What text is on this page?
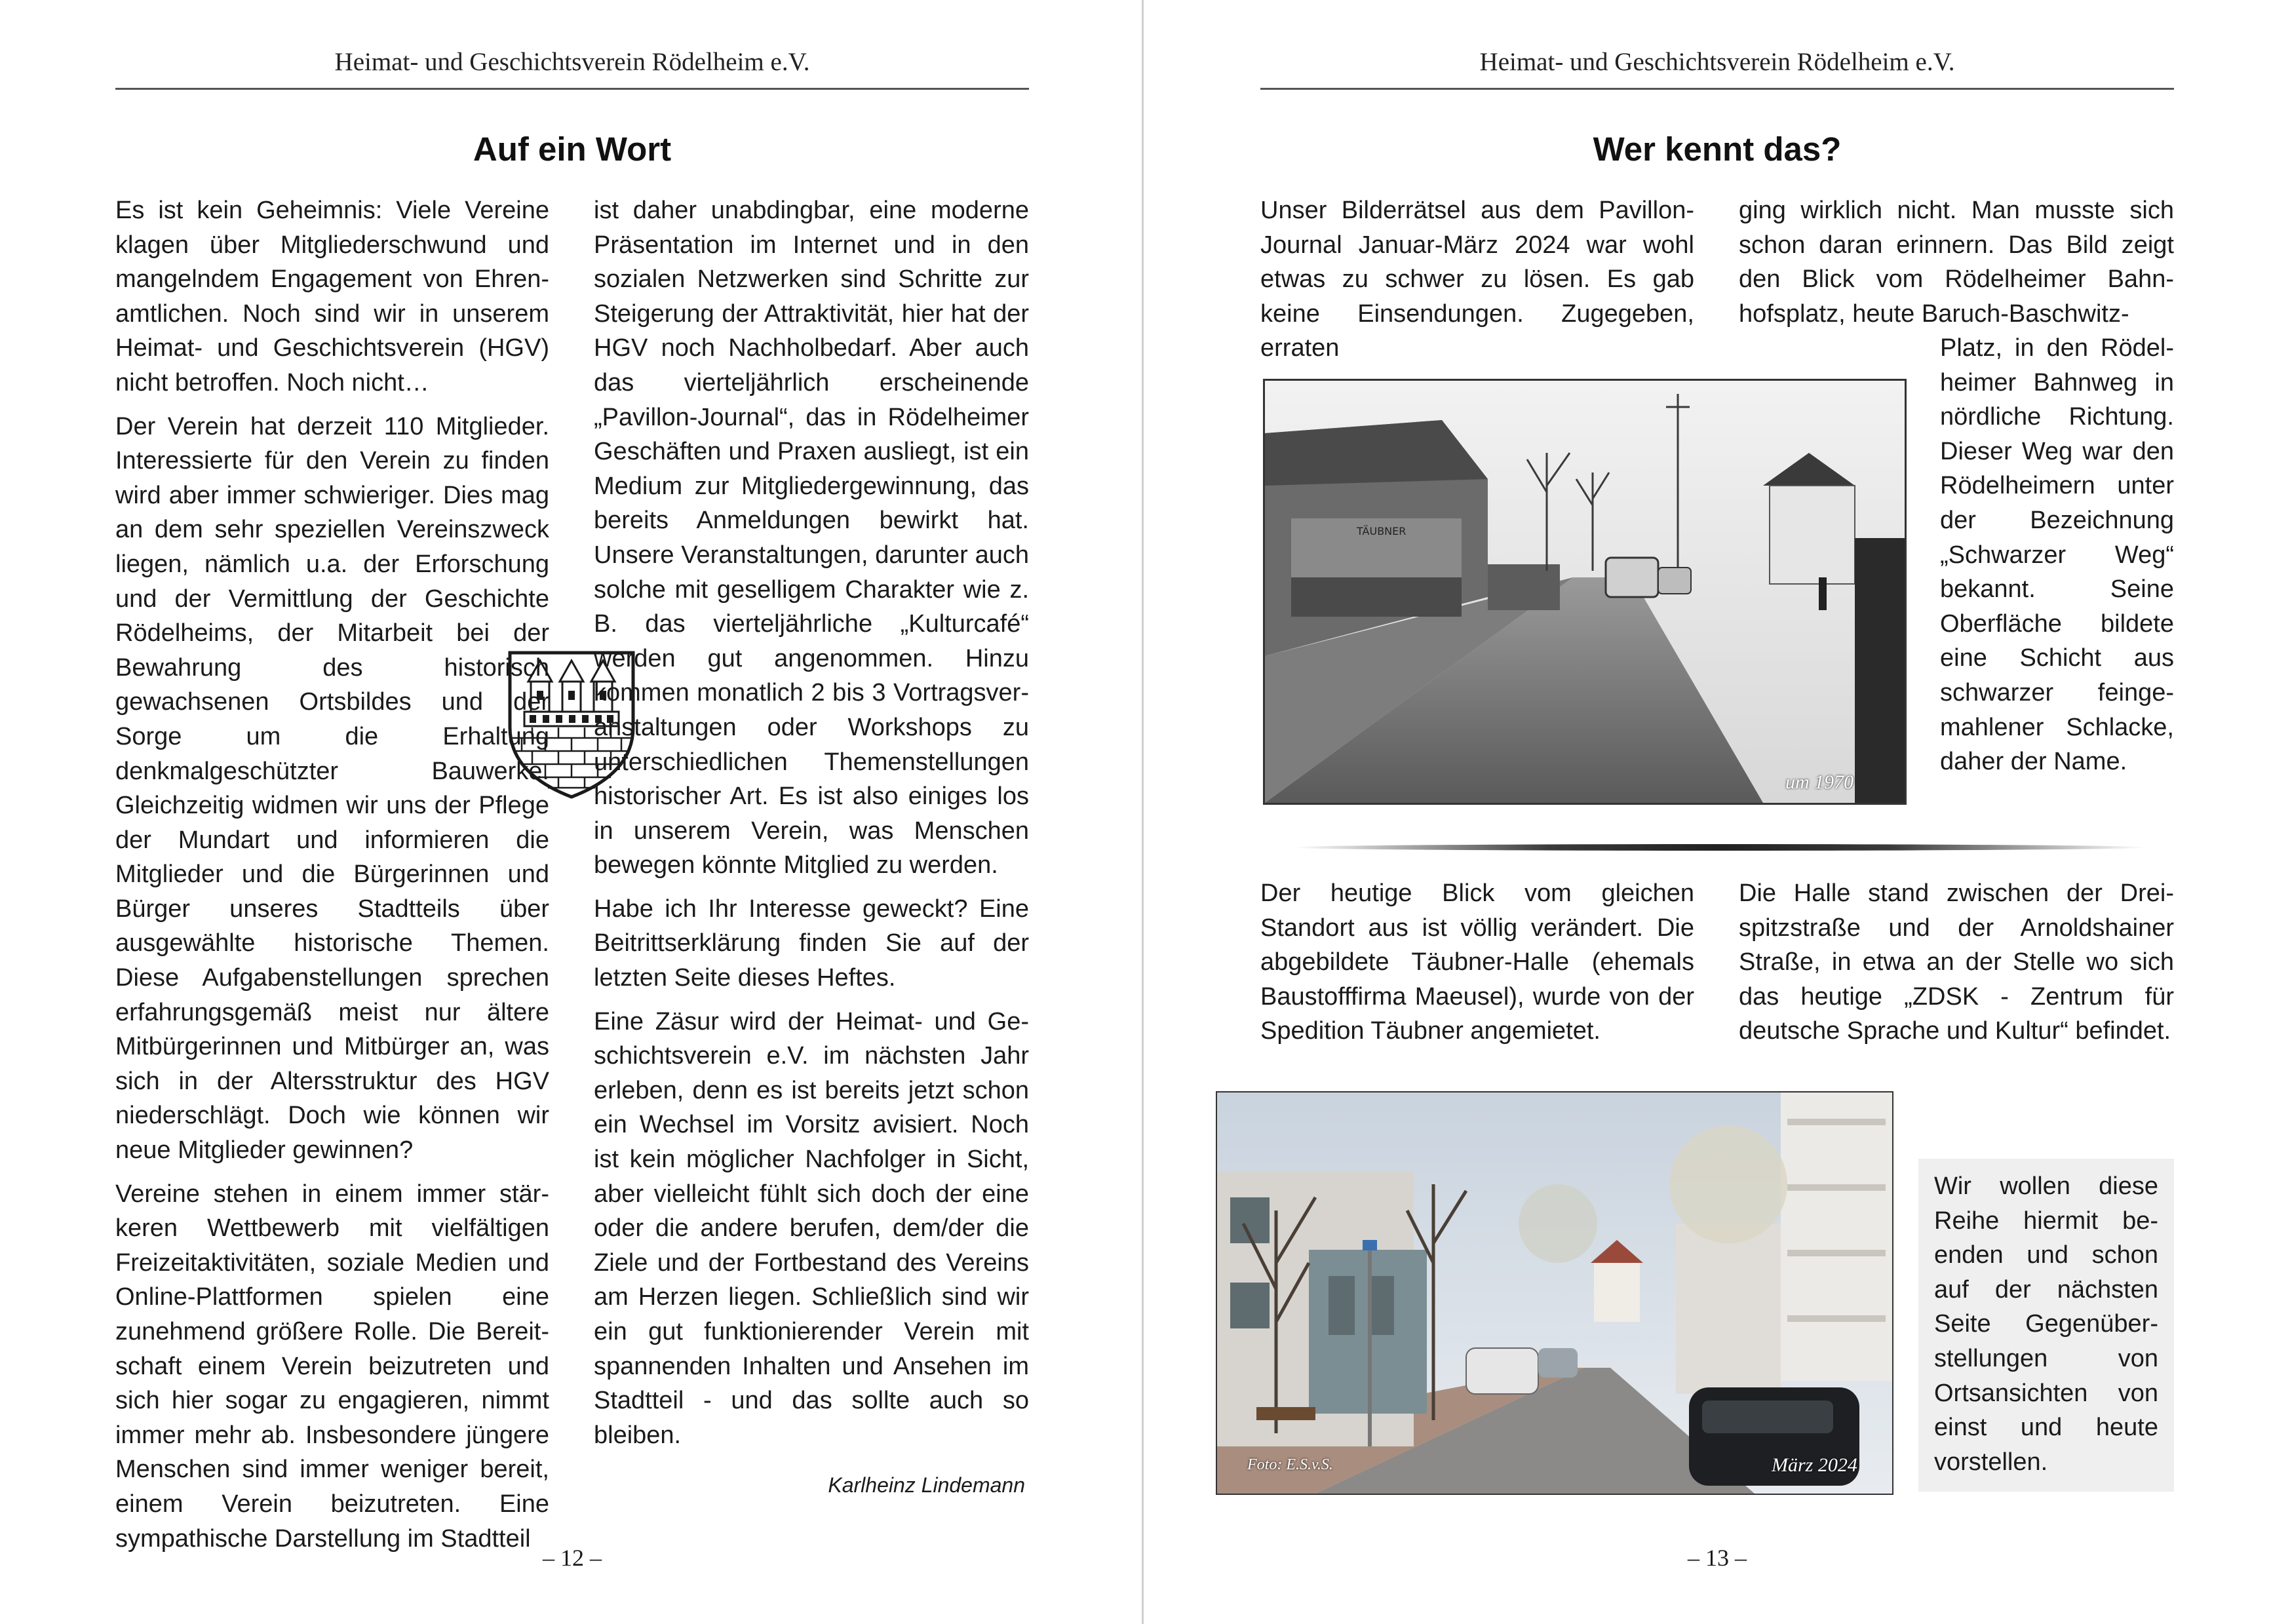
Heimat- und Geschichtsverein Rödelheim e.V.
Auf ein Wort

Es ist kein Geheimnis: Viele Vereine klagen über Mitgliederschwund und mangelndem Engagement von Ehrenamtlichen. Noch sind wir in unserem Heimat- und Geschichtsverein (HGV) nicht betroffen. Noch nicht…

Der Verein hat derzeit 110 Mitglieder. Interessierte für den Verein zu finden wird aber immer schwieriger. Dies mag an dem sehr speziellen Vereinszweck liegen, nämlich u.a. der Erforschung und der Vermittlung der Geschichte Rödelheims, der Mitarbeit bei der Bewahrung des historisch gewachsenen Ortsbildes und der Sorge um die Erhaltung denkmalgeschützter Bauwerke. Gleichzeitig widmen wir uns der Pflege der Mundart und informieren die Mitglieder und die Bürgerinnen und Bürger unseres Stadtteils über ausgewählte historische Themen. Diese Aufgabenstellungen sprechen erfahrungsgemäß meist nur ältere Mitbürgerinnen und Mitbürger an, was sich in der Altersstruktur des HGV niederschlägt. Doch wie können wir neue Mitglieder gewinnen?

Vereine stehen in einem immer stärkeren Wettbewerb mit vielfältigen Freizeitaktivitäten, soziale Medien und Online-Plattformen spielen eine zunehmend größere Rolle. Die Bereitschaft einem Verein beizutreten und sich hier sogar zu engagieren, nimmt immer mehr ab. Insbesondere jüngere Menschen sind immer weniger bereit, einem Verein beizutreten. Eine sympathische Darstellung im Stadtteil

ist daher unabdingbar, eine moderne Präsentation im Internet und in den sozialen Netzwerken sind Schritte zur Steigerung der Attraktivität, hier hat der HGV noch Nachholbedarf. Aber auch das vierteljährlich erscheinende „Pavillon-Journal“, das in Rödelheimer Geschäften und Praxen ausliegt, ist ein Medium zur Mitgliedergewinnung, das bereits Anmeldungen bewirkt hat. Unsere Veranstaltungen, darunter auch solche mit geselligem Charakter wie z. B. das vierteljährliche „Kulturcafé“ werden gut angenommen. Hinzu kommen monatlich 2 bis 3 Vortragsveranstaltungen oder Workshops zu unterschiedlichen Themenstellungen historischer Art. Es ist also einiges los in unserem Verein, was Menschen bewegen könnte Mitglied zu werden.

Habe ich Ihr Interesse geweckt? Eine Beitrittserklärung finden Sie auf der letzten Seite dieses Heftes.

Eine Zäsur wird der Heimat- und Geschichtsverein e.V. im nächsten Jahr erleben, denn es ist bereits jetzt schon ein Wechsel im Vorsitz avisiert. Noch ist kein möglicher Nachfolger in Sicht, aber vielleicht fühlt sich doch der eine oder die andere berufen, dem/der die Ziele und der Fortbestand des Vereins am Herzen liegen. Schließlich sind wir ein gut funktionierender Verein mit spannenden Inhalten und Ansehen im Stadtteil - und das sollte auch so bleiben.

Karlheinz Lindemann
– 12 –
Heimat- und Geschichtsverein Rödelheim e.V.
Wer kennt das?

Unser Bilderrätsel aus dem Pavillon-Journal Januar-März 2024 war wohl etwas zu schwer zu lösen. Es gab keine Einsendungen. Zugegeben, erraten

ging wirklich nicht. Man musste sich schon daran erinnern. Das Bild zeigt den Blick vom Rödelheimer Bahnhofsplatz, heute Baruch-Baschwitz-

Platz, in den Rödelheimer Bahnweg in nördliche Richtung. Dieser Weg war den Rödelheimern unter der Bezeichnung „Schwarzer Weg“ bekannt. Seine Oberfläche bildete eine Schicht aus schwarzer feingemahlener Schlacke, daher der Name.

TÄUBNER
um 1970

Der heutige Blick vom gleichen Standort aus ist völlig verändert. Die abgebildete Täubner-Halle (ehemals Baustofffirma Maeusel), wurde von der Spedition Täubner angemietet.

Die Halle stand zwischen der Dreispitzstraße und der Arnoldshainer Straße, in etwa an der Stelle wo sich das heutige „ZDSK - Zentrum für deutsche Sprache und Kultur“ befindet.

Foto: E.S.v.S.	März 2024
Wir wollen diese Reihe hiermit beenden und schon auf der nächsten Seite Gegenüberstellungen von Ortsansichten von einst und heute vorstellen.
– 13 –
